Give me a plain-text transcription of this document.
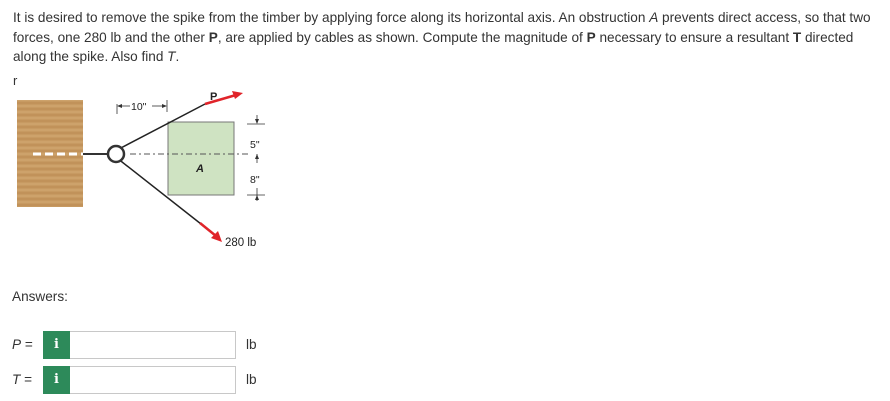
It is desired to remove the spike from the timber by applying force along its horizontal axis. An obstruction A prevents direct access, so that two forces, one 280 lb and the other P, are applied by cables as shown. Compute the magnitude of P necessary to ensure a resultant T directed along the spike. Also find T.
r
A
P
280 lb
10"
5"
8"
Answers:
P =	i	lb
T =	i	lb
